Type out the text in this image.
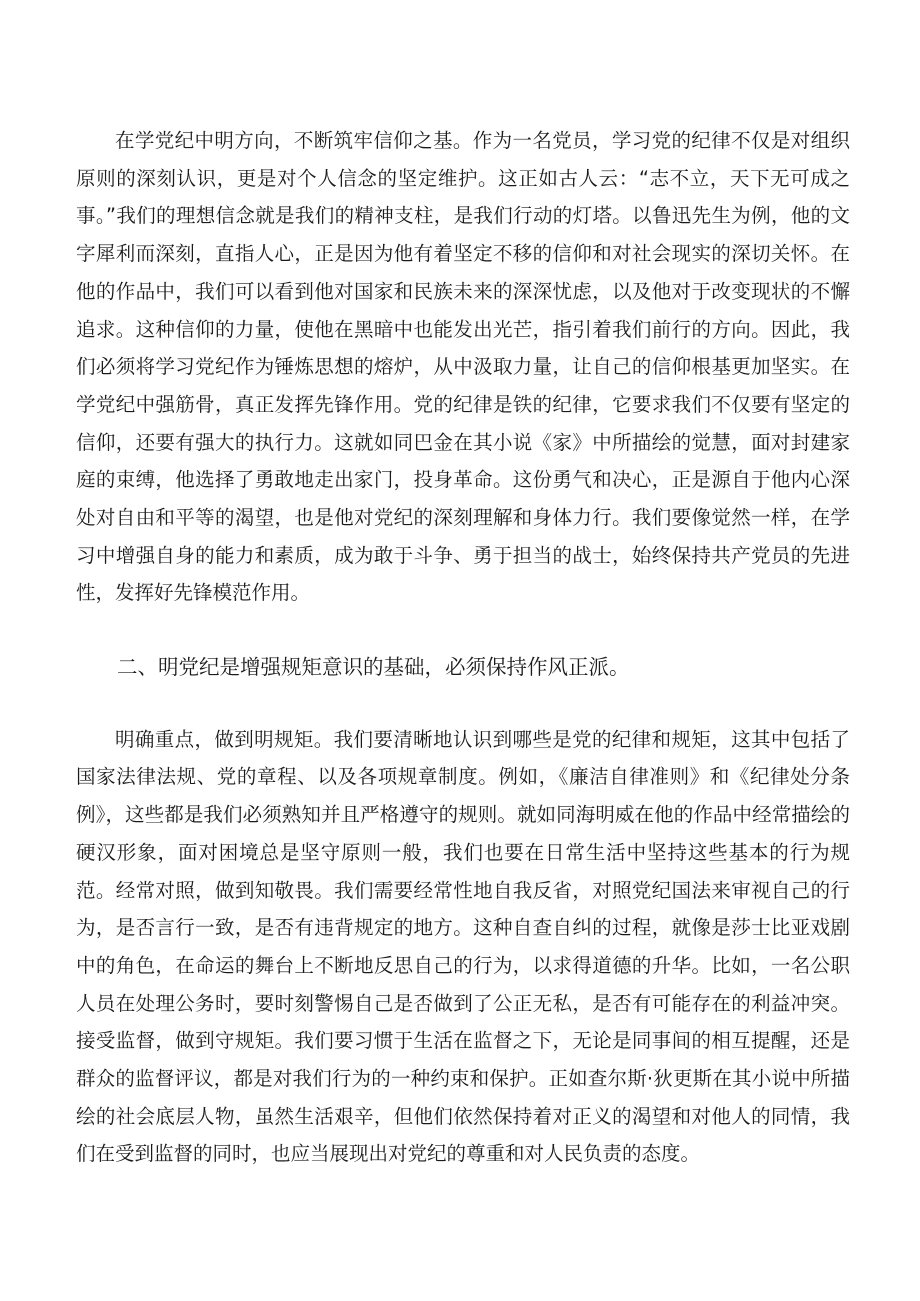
在学党纪中明方向，不断筑牢信仰之基。作为一名党员，学习党的纪律不仅是对组织原则的深刻认识，更是对个人信念的坚定维护。这正如古人云：“志不立，天下无可成之事。”我们的理想信念就是我们的精神支柱，是我们行动的灯塔。以鲁迅先生为例，他的文字犀利而深刻，直指人心，正是因为他有着坚定不移的信仰和对社会现实的深切关怀。在他的作品中，我们可以看到他对国家和民族未来的深深忧虑，以及他对于改变现状的不懈追求。这种信仰的力量，使他在黑暗中也能发出光芒，指引着我们前行的方向。因此，我们必须将学习党纪作为锤炼思想的熔炉，从中汲取力量，让自己的信仰根基更加坚实。在学党纪中强筋骨，真正发挥先锋作用。党的纪律是铁的纪律，它要求我们不仅要有坚定的信仰，还要有强大的执行力。这就如同巴金在其小说《家》中所描绘的觉慧，面对封建家庭的束缚，他选择了勇敢地走出家门，投身革命。这份勇气和决心，正是源自于他内心深处对自由和平等的渴望，也是他对党纪的深刻理解和身体力行。我们要像觉然一样，在学习中增强自身的能力和素质，成为敢于斗争、勇于担当的战士，始终保持共产党员的先进性，发挥好先锋模范作用。

二、明党纪是增强规矩意识的基础，必须保持作风正派。

明确重点，做到明规矩。我们要清晰地认识到哪些是党的纪律和规矩，这其中包括了国家法律法规、党的章程、以及各项规章制度。例如，《廉洁自律准则》和《纪律处分条例》，这些都是我们必须熟知并且严格遵守的规则。就如同海明威在他的作品中经常描绘的硬汉形象，面对困境总是坚守原则一般，我们也要在日常生活中坚持这些基本的行为规范。经常对照，做到知敬畏。我们需要经常性地自我反省，对照党纪国法来审视自己的行为，是否言行一致，是否有违背规定的地方。这种自查自纠的过程，就像是莎士比亚戏剧中的角色，在命运的舞台上不断地反思自己的行为，以求得道德的升华。比如，一名公职人员在处理公务时，要时刻警惕自己是否做到了公正无私，是否有可能存在的利益冲突。接受监督，做到守规矩。我们要习惯于生活在监督之下，无论是同事间的相互提醒，还是群众的监督评议，都是对我们行为的一种约束和保护。正如查尔斯·狄更斯在其小说中所描绘的社会底层人物，虽然生活艰辛，但他们依然保持着对正义的渴望和对他人的同情，我们在受到监督的同时，也应当展现出对党纪的尊重和对人民负责的态度。
